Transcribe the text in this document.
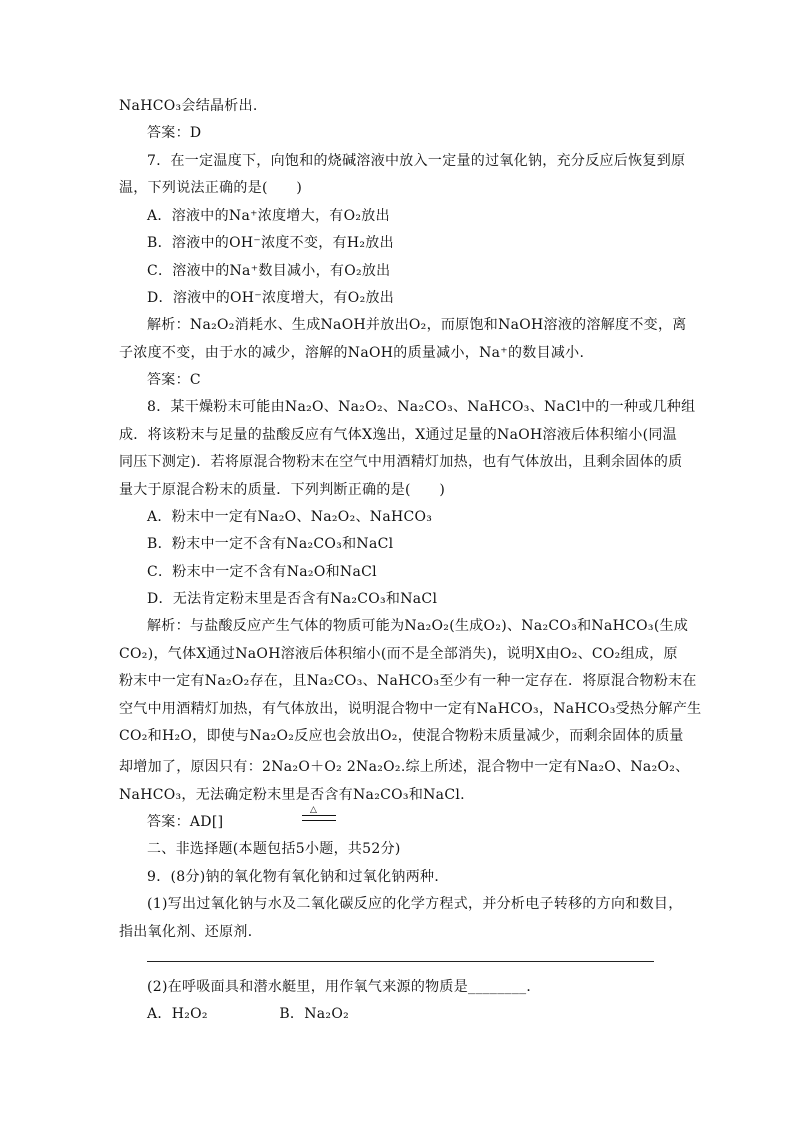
NaHCO₃会结晶析出.
答案：D
7．在一定温度下，向饱和的烧碱溶液中放入一定量的过氧化钠，充分反应后恢复到原
温，下列说法正确的是(　　)
A．溶液中的Na⁺浓度增大，有O₂放出
B．溶液中的OH⁻浓度不变，有H₂放出
C．溶液中的Na⁺数目减小，有O₂放出
D．溶液中的OH⁻浓度增大，有O₂放出
解析：Na₂O₂消耗水、生成NaOH并放出O₂，而原饱和NaOH溶液的溶解度不变，离
子浓度不变，由于水的减少，溶解的NaOH的质量减小，Na⁺的数目减小.
答案：C
8．某干燥粉末可能由Na₂O、Na₂O₂、Na₂CO₃、NaHCO₃、NaCl中的一种或几种组
成．将该粉末与足量的盐酸反应有气体X逸出，X通过足量的NaOH溶液后体积缩小(同温
同压下测定)．若将原混合物粉末在空气中用酒精灯加热，也有气体放出，且剩余固体的质
量大于原混合粉末的质量．下列判断正确的是(　　)
A．粉末中一定有Na₂O、Na₂O₂、NaHCO₃
B．粉末中一定不含有Na₂CO₃和NaCl
C．粉末中一定不含有Na₂O和NaCl
D．无法肯定粉末里是否含有Na₂CO₃和NaCl
解析：与盐酸反应产生气体的物质可能为Na₂O₂(生成O₂)、Na₂CO₃和NaHCO₃(生成
CO₂)，气体X通过NaOH溶液后体积缩小(而不是全部消失)，说明X由O₂、CO₂组成，原
粉末中一定有Na₂O₂存在，且Na₂CO₃、NaHCO₃至少有一种一定存在．将原混合物粉末在
空气中用酒精灯加热，有气体放出，说明混合物中一定有NaHCO₃，NaHCO₃受热分解产生
CO₂和H₂O，即使与Na₂O₂反应也会放出O₂，使混合物粉末质量减少，而剩余固体的质量
却增加了，原因只有：2Na₂O＋O₂ 2Na₂O₂.综上所述，混合物中一定有Na₂O、Na₂O₂、
△
NaHCO₃，无法确定粉末里是否含有Na₂CO₃和NaCl.
答案：AD[]
二、非选择题(本题包括5小题，共52分)
9．(8分)钠的氧化物有氧化钠和过氧化钠两种．
(1)写出过氧化钠与水及二氧化碳反应的化学方程式，并分析电子转移的方向和数目，
指出氧化剂、还原剂．
(2)在呼吸面具和潜水艇里，用作氧气来源的物质是________．
A．H₂O₂　　　　　B．Na₂O₂
